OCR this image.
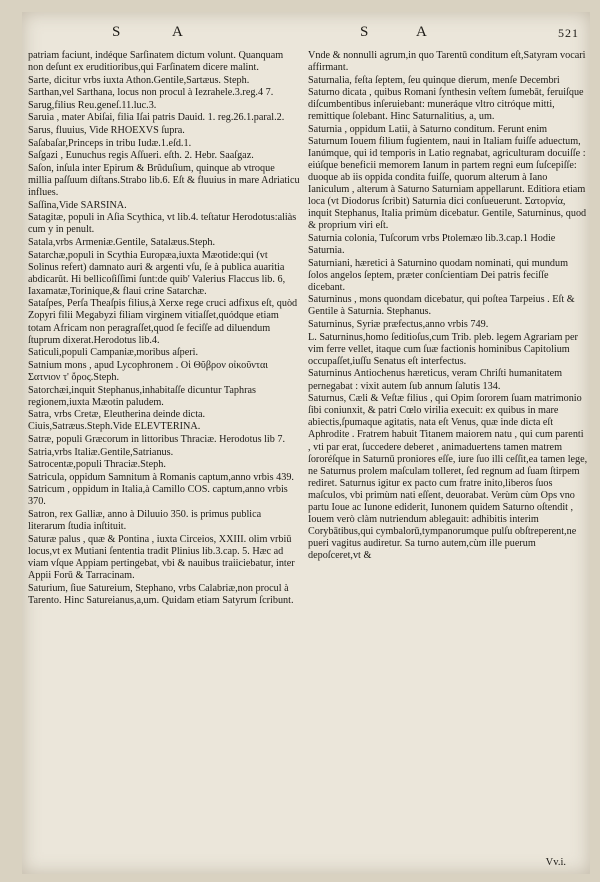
S	A	S	A	521

patriam faciunt, indéque Sarſinatem dictum volunt. Quanquam non deſunt ex eruditioribus,qui Farſinatem dicere malint.

Sarte, dicitur vrbs iuxta Athon.Gentile,Sartæus. Steph.

Sarthan,vel Sarthana, locus non procul à Iezrahele.3.reg.4 7.

Sarug,filius Reu.geneſ.11.luc.3.

Saruia , mater Abiſai, filia Iſai patris Dauid. 1. reg.26.1.paral.2.

Sarus, fluuius, Vide RHOEXVS ſupra.

Saſabaſar,Princeps in tribu Iudæ.1.eſd.1.

Saſgazi , Eunuchus regis Aſſueri. eſth. 2. Hebr. Saaſgaz.

Saſon, inſula inter Epirum & Brûduſium, quinque ab vtroque millia paſſuum diſtans.Strabo lib.6. Eſt & fluuius in mare Adriaticu influes.

Saſſina,Vide SARSINA.

Satagitæ, populi in Aſia Scythica, vt lib.4. teſtatur Herodotus:aliàs cum y in penult.

Satala,vrbs Armeniæ.Gentile, Satalæus.Steph.

Satarchæ,populi in Scythia Europæa,iuxta Mæotide:qui (vt Solinus refert) damnato auri & argenti vſu, ſe à publica auaritia abdicarût. Hi bellicoſiſſimi ſunt:de quib' Valerius Flaccus lib. 6, Iaxamatæ,Torinique,& flaui crine Satarchæ.

Sataſpes, Perſa Theaſpis filius,à Xerxe rege cruci adfixus eſt, quòd Zopyri filii Megabyzi filiam virginem vitiaſſet,quódque etiam totam Africam non peragraſſet,quod ſe feciſſe ad diluendum ſtuprum dixerat.Herodotus lib.4.

Saticuli,populi Campaniæ,moribus aſperi.

Satnium mons , apud Lycophronem . Οἱ Θῦβρον οἰκοῦνται Σατνιον τ' ὄρος.Steph.

Satorchæi,inquit Stephanus,inhabitaſſe dicuntur Taphras regionem,iuxta Mæotin paludem.

Satra, vrbs Cretæ, Eleutherina deinde dicta. Ciuis,Satræus.Steph.Vide ELEVTERINA.

Satræ, populi Græcorum in littoribus Thraciæ. Herodotus lib 7.

Satria,vrbs Italiæ.Gentile,Satrianus.

Satrocentæ,populi Thraciæ.Steph.

Satricula, oppidum Samnitum à Romanis captum,anno vrbis 439.

Satricum , oppidum in Italia,à Camillo COS. captum,anno vrbis 370.

Satron, rex Galliæ, anno à Diluuio 350. is primus publica literarum ſtudia inſtituit.

Saturæ palus , quæ & Pontina , iuxta Circeios, XXIII. olim vrbiū locus,vt ex Mutiani ſententia tradit Plinius lib.3.cap. 5. Hæc ad viam vſque Appiam pertingebat, vbi & nauibus traiiciebatur, inter Appii Forū & Tarracinam.

Saturium, ſiue Satureium, Stephano, vrbs Calabriæ,non procul à Tarento. Hinc Satureianus,a,um. Quidam etiam Satyrum ſcribunt.

Vnde & nonnulli agrum,in quo Tarentū conditum eſt,Satyram vocari affirmant.

Saturnalia, feſta ſeptem, ſeu quinque dierum, menſe Decembri Saturno dicata , quibus Romani ſynthesin veſtem ſumebāt, feruiſque diſcumbentibus inſeruiebant: muneráque vltro citróque mitti, remittique ſolebant. Hinc Saturnalitius, a, um.

Saturnia , oppidum Latii, à Saturno conditum. Ferunt enim Saturnum Iouem filium fugientem, naui in Italiam fuiſſe aduectum, Ianúmque, qui id temporis in Latio regnabat, agriculturam docuiſſe : eiúſque beneficii memorem Ianum in partem regni eum ſuſcepiſſe: duoque ab iis oppida condita fuiſſe, quorum alterum à Iano Ianiculum , alterum à Saturno Saturniam appellarunt. Editiora etiam loca (vt Diodorus ſcribit) Saturnia dici conſueuerunt. Σατορνία, inquit Stephanus, Italia primùm dicebatur. Gentile, Saturninus, quod & proprium viri eſt.

Saturnia colonia, Tuſcorum vrbs Ptolemæo lib.3.cap.1 Hodie Saturnia.

Saturniani, hæretici à Saturnino quodam nominati, qui mundum ſolos angelos ſeptem, præter conſcientiam Dei patris feciſſe dicebant.

Saturninus , mons quondam dicebatur, qui poſtea Tarpeius . Eſt & Gentile à Saturnia. Stephanus.

Saturninus, Syriæ præfectus,anno vrbis 749.

L. Saturninus,homo ſeditioſus,cum Trib. pleb. legem Agrariam per vim ferre vellet, itaque cum ſuæ factionis hominibus Capitolium occupaſſet,iuſſu Senatus eſt interfectus.

Saturninus Antiochenus hæreticus, veram Chriſti humanitatem pernegabat : vixit autem ſub annum ſalutis 134.

Saturnus, Cæli & Veſtæ filius , qui Opim ſororem ſuam matrimonio ſibi coniunxit, & patri Cœlo virilia execuit: ex quibus in mare abiectis,ſpumaque agitatis, nata eſt Venus, quæ inde dicta eſt Aphrodite . Fratrem habuit Titanem maiorem natu , qui cum parenti , vti par erat, ſuccedere deberet , animaduertens tamen matrem ſororéſque in Saturnū proniores eſſe, iure ſuo illi ceſſit,ea tamen lege, ne Saturnus prolem maſculam tolleret, ſed regnum ad ſuam ſtirpem rediret. Saturnus igitur ex pacto cum fratre inito,liberos ſuos maſculos, vbi primùm nati eſſent, deuorabat. Verùm cùm Ops vno partu Ioue ac Iunone ediderit, Iunonem quidem Saturno oſtendit , Iouem verò clàm nutriendum ablegauit: adhibitis interim Corybātibus,qui cymbalorū,tympanorumque pulſu obſtreperent,ne pueri vagitus audiretur. Sa turno autem,cùm ille puerum depoſceret,vt &

Vv.i.
